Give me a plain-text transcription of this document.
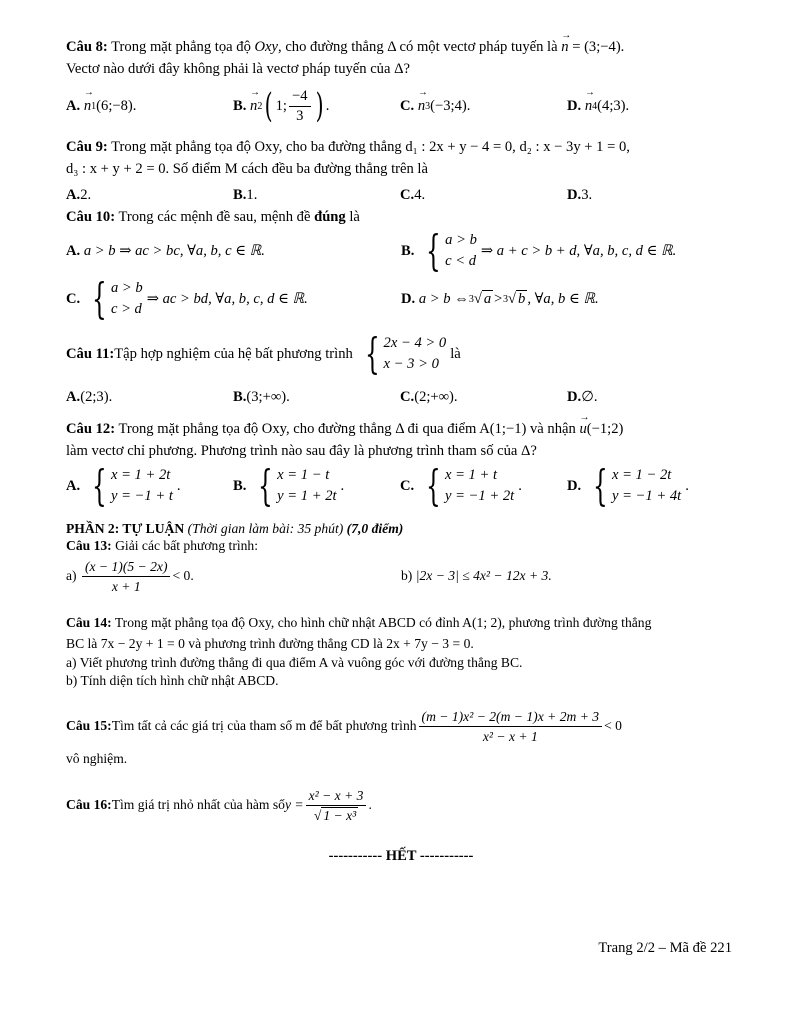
Câu 8: Trong mặt phẳng tọa độ Oxy, cho đường thẳng Δ có một vectơ pháp tuyến là → n = (3;−4).
Vectơ nào dưới đây không phải là vectơ pháp tuyến của Δ?
A.
→ n 1 (6;−8).	B.
→ n 2 ( 1; $\frac{-4}{3}$ ) .	C.
→ n 3 (−3;4).	D.
→ n 4 (4;3).
Câu 9: Trong mặt phẳng tọa độ Oxy, cho ba đường thẳng d₁ : 2x + y − 4 = 0, d₂ : x − 3y + 1 = 0,
d₃ : x + y + 2 = 0. Số điểm M cách đều ba đường thẳng trên là
A. 2.	B. 1.	C. 4.	D. 3.
Câu 10: Trong các mệnh đề sau, mệnh đề đúng là
A.
a > b ⇒ ac > bc, ∀a, b, c ∈ ℝ.	B. { a > b
c < d
⇒ a + c > b + d, ∀a, b, c, d ∈ ℝ.
C. { a > b
c > d
⇒ ac > bd, ∀a, b, c, d ∈ ℝ.	D.
a > b ⇔ 3 √ a > 3 √ b , ∀a, b ∈ ℝ.
Câu 11: Tập hợp nghiệm của hệ bất phương trình { 2x − 4 > 0
x − 3 > 0
là
A. (2;3).	B. (3;+∞).	C. (2;+∞).	D. ∅.
Câu 12: Trong mặt phẳng tọa độ Oxy, cho đường thẳng Δ đi qua điểm A(1;−1) và nhận → u(−1;2)
làm vectơ chỉ phương. Phương trình nào sau đây là phương trình tham số của Δ?
A. { x = 1 + 2t
y = −1 + t
.	B. { x = 1 − t
y = 1 + 2t
.	C. { x = 1 + t
y = −1 + 2t
.	D. { x = 1 − 2t
y = −1 + 4t
.
PHẦN 2: TỰ LUẬN (Thời gian làm bài: 35 phút) (7,0 điểm)
Câu 13: Giải các bất phương trình:
a)
$\frac{(x - 1)(5 - 2x)}{x + 1} < 0$.	b)
|2x − 3| ≤ 4x² − 12x + 3.
Câu 14: Trong mặt phẳng tọa độ Oxy, cho hình chữ nhật ABCD có đỉnh A(1; 2), phương trình đường thẳng
BC là 7x − 2y + 1 = 0 và phương trình đường thẳng CD là 2x + 7y − 3 = 0.
a) Viết phương trình đường thẳng đi qua điểm A và vuông góc với đường thẳng BC.
b) Tính diện tích hình chữ nhật ABCD.
Câu 15: Tìm tất cả các giá trị của tham số m để bất phương trình $\frac{\text{(m − 1)x² − 2(m − 1)x + 2m + 3}}{\text{x² − x + 1}} < 0$
vô nghiệm.
Câu 16: Tìm giá trị nhỏ nhất của hàm số $y = \frac{\text{x² − x + 3}}{\text{√ 1 − x³}}$ .
----------- HẾT -----------
Trang 2/2 – Mã đề 221
